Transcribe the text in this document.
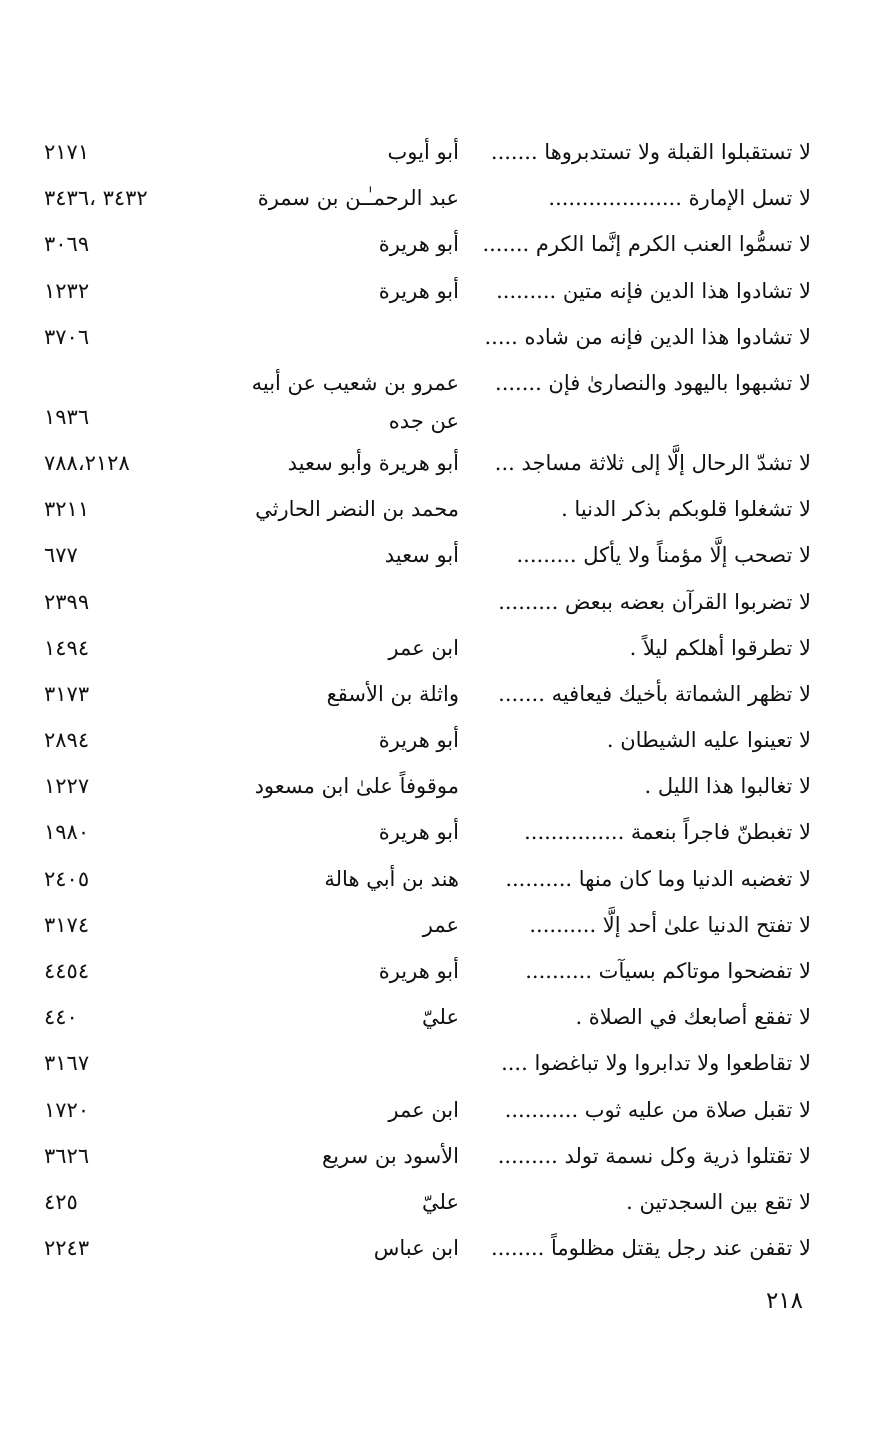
لا تستقبلوا القبلة ولا تستدبروها .......
أبو أيوب
٢١٧١
لا تسل الإمارة ....................
عبد الرحمـٰـن بن سمرة
٣٤٣٢ ،٣٤٣٦
لا تسمُّوا العنب الكرم إنَّما الكرم .......
أبو هريرة
٣٠٦٩
لا تشادوا هذا الدين فإنه متين .........
أبو هريرة
١٢٣٢
لا تشادوا هذا الدين فإنه من شاده .....
٣٧٠٦
لا تشبهوا باليهود والنصارىٰ فإن .......
عمرو بن شعيب عن أبيه عن جده
١٩٣٦
لا تشدّ الرحال إلَّا إلى ثلاثة مساجد ...
أبو هريرة وأبو سعيد
٧٨٨،٢١٢٨
لا تشغلوا قلوبكم بذكر الدنيا .
محمد بن النضر الحارثي
٣٢١١
لا تصحب إلَّا مؤمناً ولا يأكل .........
أبو سعيد
٦٧٧
لا تضربوا القرآن بعضه ببعض .........
٢٣٩٩
لا تطرقوا أهلكم ليلاً .
ابن عمر
١٤٩٤
لا تظهر الشماتة بأخيك فيعافيه .......
واثلة بن الأسقع
٣١٧٣
لا تعينوا عليه الشيطان .
أبو هريرة
٢٨٩٤
لا تغالبوا هذا الليل .
موقوفاً علىٰ ابن مسعود
١٢٢٧
لا تغبطنّ فاجراً بنعمة ...............
أبو هريرة
١٩٨٠
لا تغضبه الدنيا وما كان منها ..........
هند بن أبي هالة
٢٤٠٥
لا تفتح الدنيا علىٰ أحد إلَّا ..........
عمر
٣١٧٤
لا تفضحوا موتاكم بسيآت ..........
أبو هريرة
٤٤٥٤
لا تفقع أصابعك في الصلاة .
عليّ
٤٤٠
لا تقاطعوا ولا تدابروا ولا تباغضوا ....
٣١٦٧
لا تقبل صلاة من عليه ثوب ...........
ابن عمر
١٧٢٠
لا تقتلوا ذرية وكل نسمة تولد .........
الأسود بن سريع
٣٦٢٦
لا تقع بين السجدتين .
عليّ
٤٢٥
لا تقفن عند رجل يقتل مظلوماً ........
ابن عباس
٢٢٤٣
٢١٨
